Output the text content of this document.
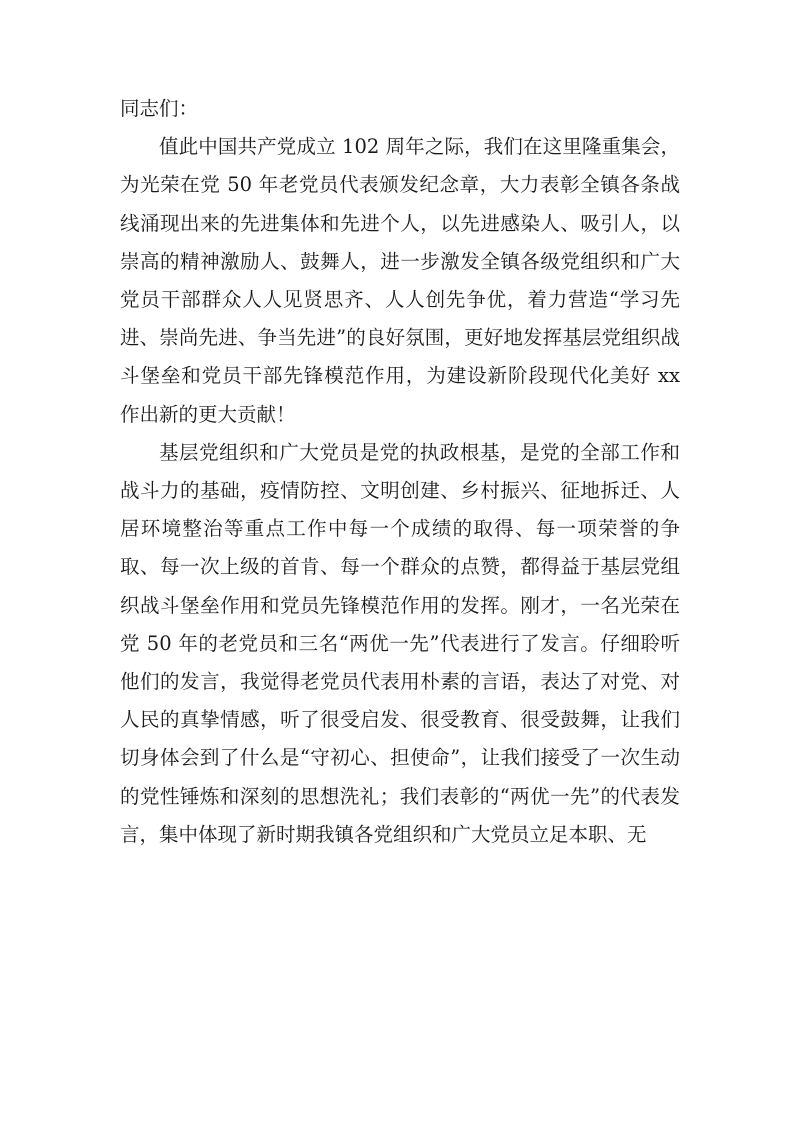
同志们：

值此中国共产党成立 102 周年之际，我们在这里隆重集会，为光荣在党 50 年老党员代表颁发纪念章，大力表彰全镇各条战线涌现出来的先进集体和先进个人，以先进感染人、吸引人，以崇高的精神激励人、鼓舞人，进一步激发全镇各级党组织和广大党员干部群众人人见贤思齐、人人创先争优，着力营造“学习先进、崇尚先进、争当先进”的良好氛围，更好地发挥基层党组织战斗堡垒和党员干部先锋模范作用，为建设新阶段现代化美好 xx 作出新的更大贡献！

基层党组织和广大党员是党的执政根基，是党的全部工作和战斗力的基础，疫情防控、文明创建、乡村振兴、征地拆迁、人居环境整治等重点工作中每一个成绩的取得、每一项荣誉的争取、每一次上级的首肯、每一个群众的点赞，都得益于基层党组织战斗堡垒作用和党员先锋模范作用的发挥。刚才，一名光荣在党 50 年的老党员和三名“两优一先”代表进行了发言。仔细聆听他们的发言，我觉得老党员代表用朴素的言语，表达了对党、对人民的真挚情感，听了很受启发、很受教育、很受鼓舞，让我们切身体会到了什么是“守初心、担使命”，让我们接受了一次生动的党性锤炼和深刻的思想洗礼；我们表彰的“两优一先”的代表发言，集中体现了新时期我镇各党组织和广大党员立足本职、无
